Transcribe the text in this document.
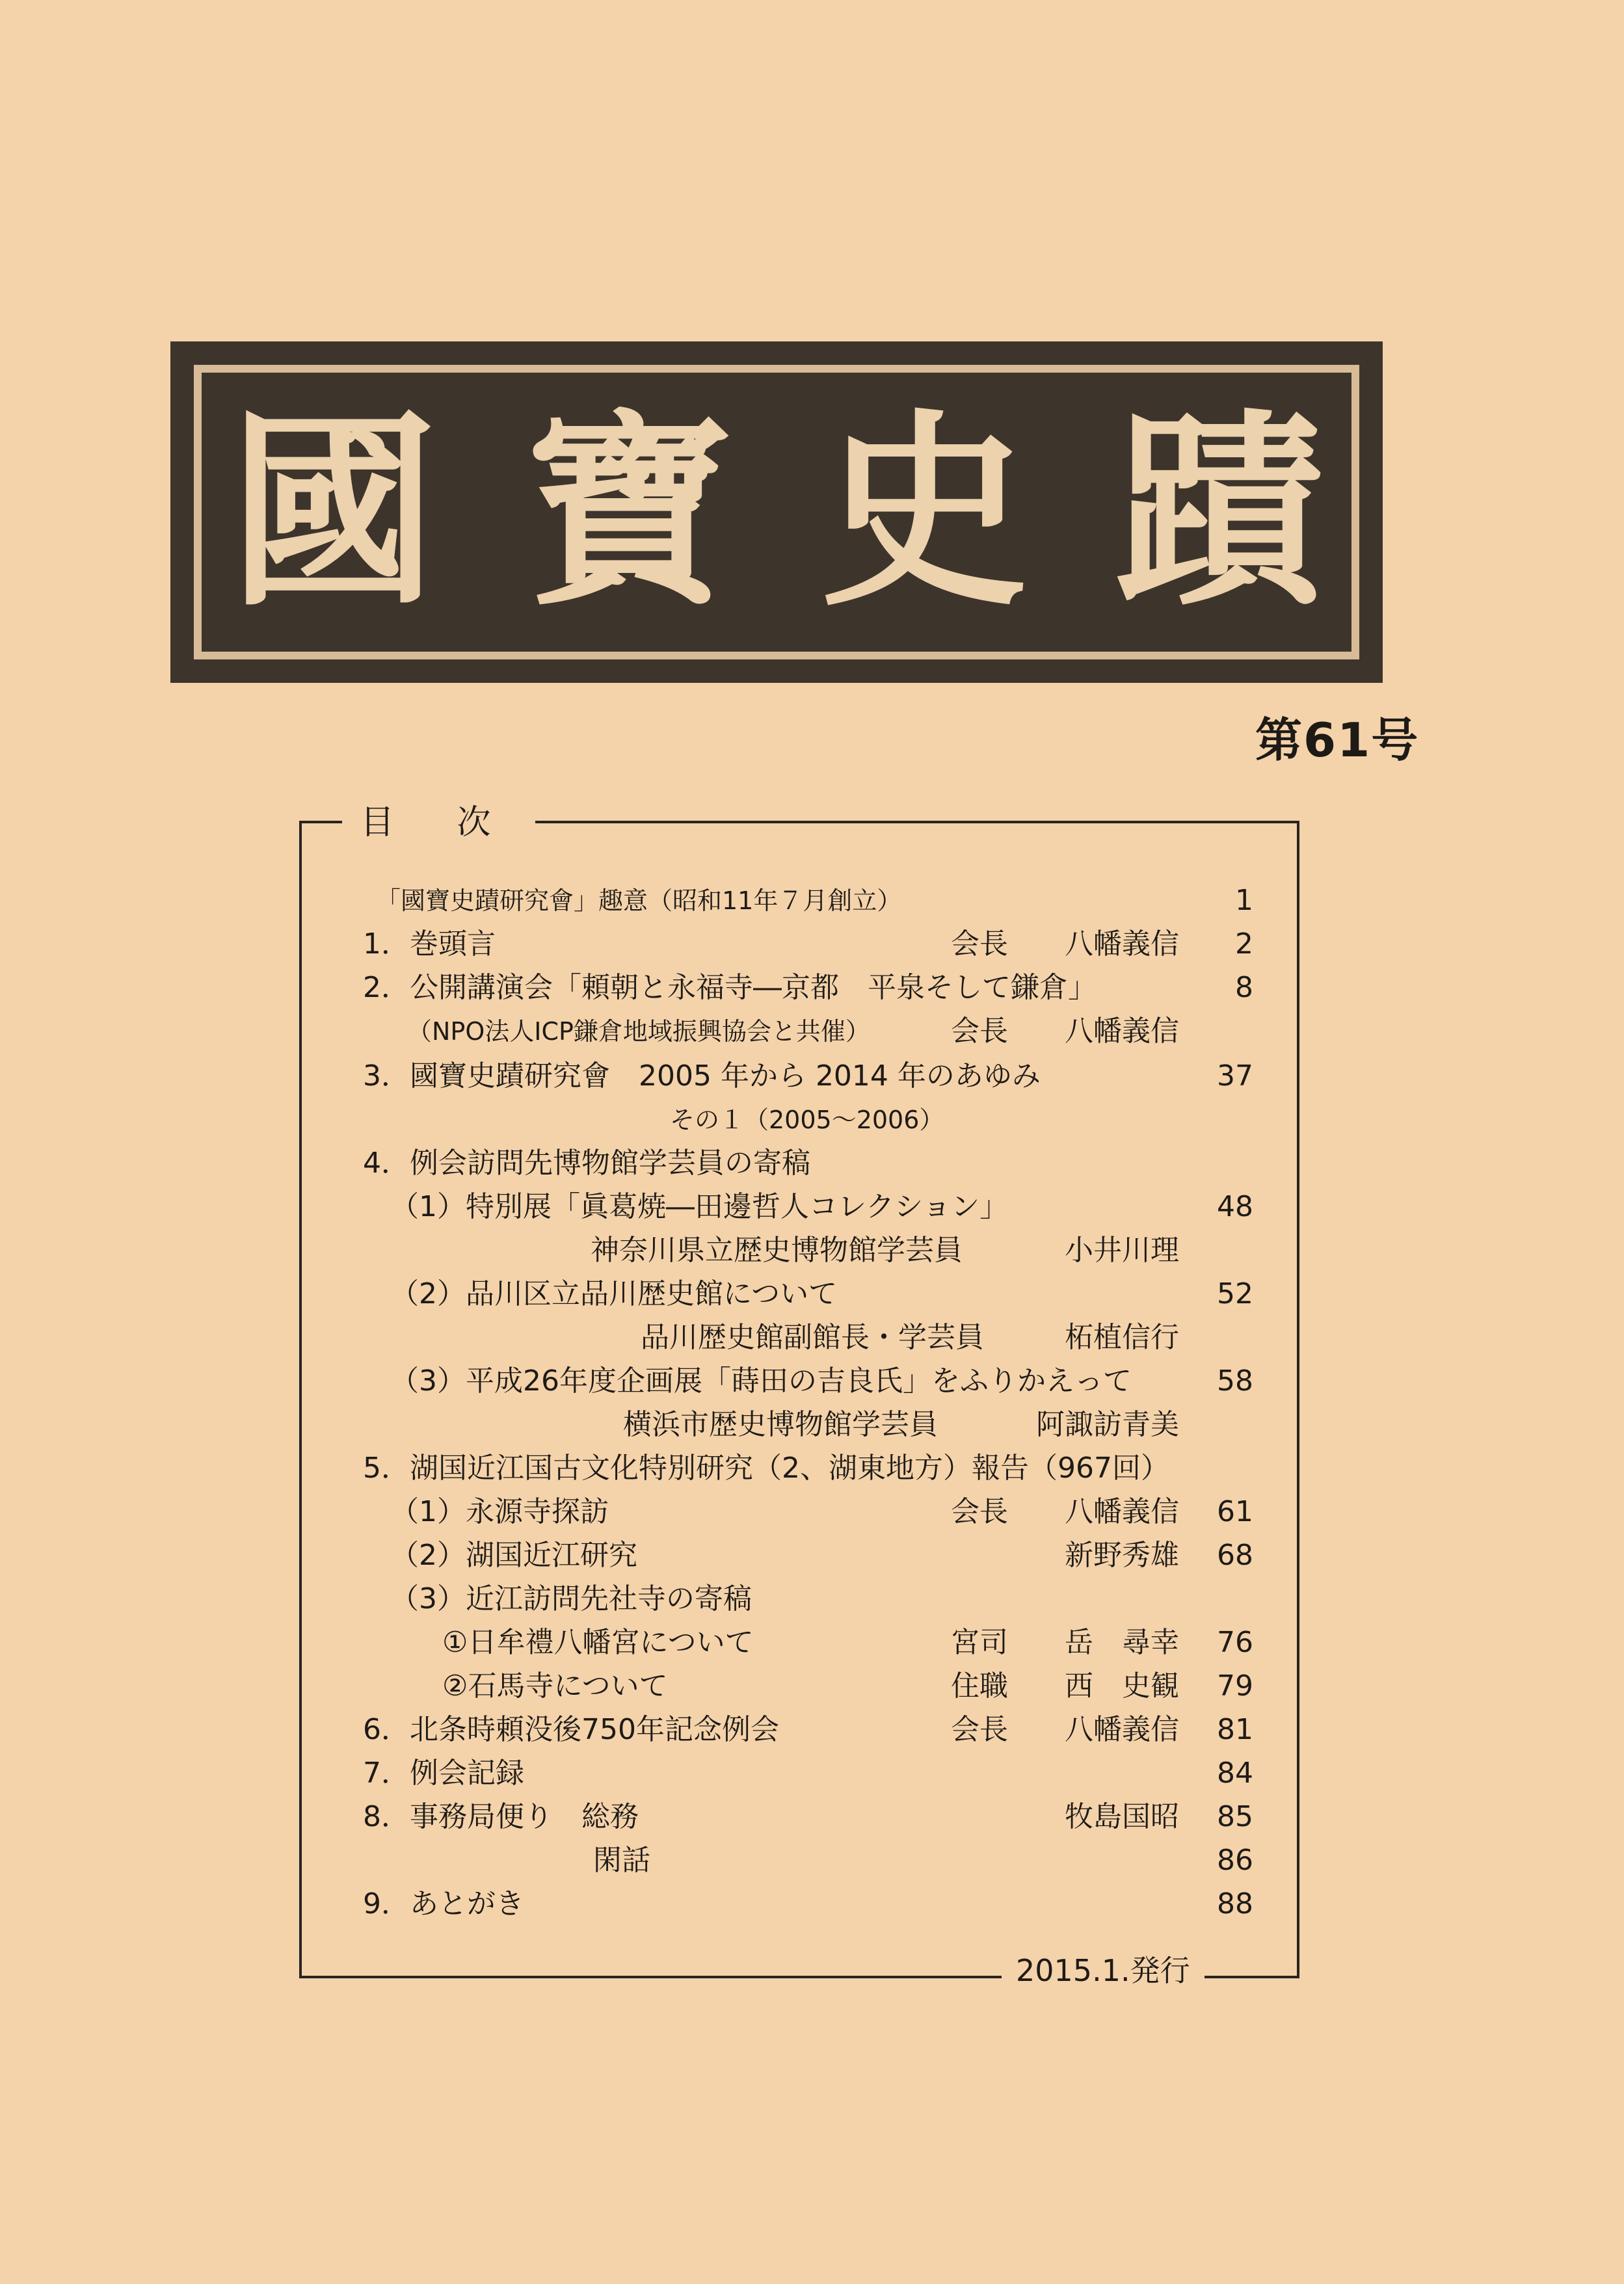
國 寶 史 蹟
第61号
目 次
2015.1.発行
「國寶史蹟研究會」趣意（昭和11年７月創立）	1
1．巻頭言	会長 八幡義信 2
2．公開講演会「頼朝と永福寺―京都　平泉そして鎌倉」	8
（NPO法人ICP鎌倉地域振興協会と共催）	会長 八幡義信
3．國寶史蹟研究會　2005 年から 2014 年のあゆみ	37
その１（2005～2006）
4．例会訪問先博物館学芸員の寄稿
（1）特別展「眞葛焼―田邊哲人コレクション」	48
神奈川県立歴史博物館学芸員	小井川理
（2）品川区立品川歴史館について	52
品川歴史館副館長・学芸員	柘植信行
（3）平成26年度企画展「蒔田の吉良氏」をふりかえって	58
横浜市歴史博物館学芸員	阿諏訪青美
5．湖国近江国古文化特別研究（2、湖東地方）報告（967回）
（1）永源寺探訪	会長 八幡義信 61
（2）湖国近江研究	新野秀雄 68
（3）近江訪問先社寺の寄稿
①日牟禮八幡宮について	宮司 岳　尋幸 76
②石馬寺について	住職 西　史観 79
6．北条時頼没後750年記念例会	会長 八幡義信 81
7．例会記録	84
8．事務局便り　総務	牧島国昭 85
閑話	86
9．あとがき	88
